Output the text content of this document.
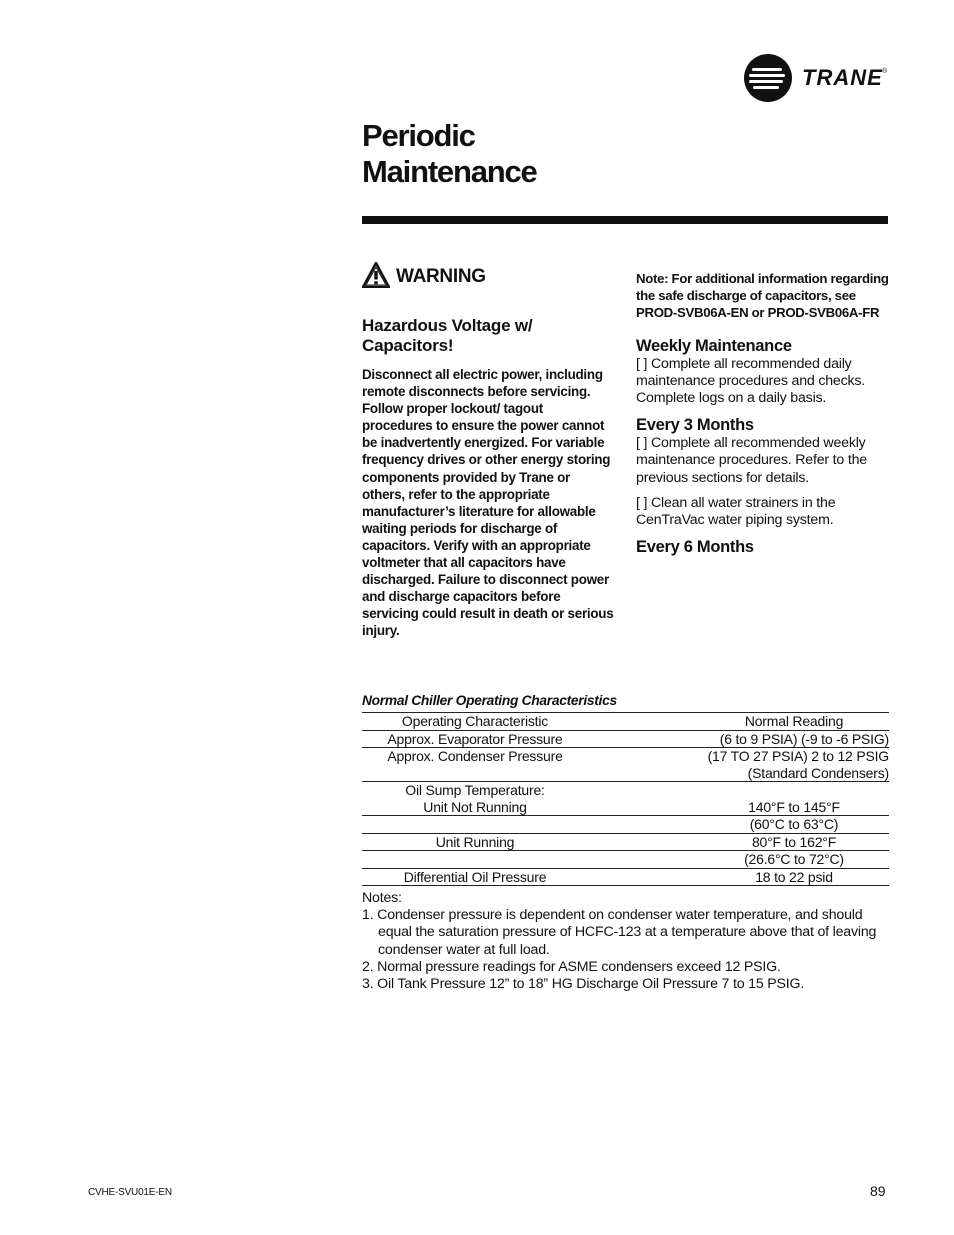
TRANE ®
Periodic
Maintenance
WARNING
Hazardous Voltage w/
Capacitors!
Disconnect all electric power, including remote disconnects before servicing. Follow proper lockout/ tagout procedures to ensure the power cannot be inadvertently energized. For variable frequency drives or other energy storing components provided by Trane or others, refer to the appropriate manufacturer’s literature for allowable waiting periods for discharge of capacitors. Verify with an appropriate voltmeter that all capacitors have discharged. Failure to disconnect power and discharge capacitors before servicing could result in death or serious injury.
Note: For additional information regarding the safe discharge of capacitors, see PROD-SVB06A-EN or PROD-SVB06A-FR
Weekly Maintenance
[ ] Complete all recommended daily maintenance procedures and checks. Complete logs on a daily basis.
Every 3 Months
[ ] Complete all recommended weekly maintenance procedures. Refer to the previous sections for details.
[ ] Clean all water strainers in the CenTraVac water piping system.
Every 6 Months
Normal Chiller Operating Characteristics
Operating Characteristic	Normal Reading
Approx. Evaporator Pressure	(6 to 9 PSIA) (-9 to -6 PSIG)
Approx. Condenser Pressure	(17 TO 27 PSIA) 2 to 12 PSIG
	(Standard Condensers)
Oil Sump Temperature:	
Unit Not Running	140°F to 145°F
	(60°C to 63°C)
Unit Running	80°F to 162°F
	(26.6°C to 72°C)
Differential Oil Pressure	18 to 22 psid
Notes:
1. Condenser pressure is dependent on condenser water temperature, and should equal the saturation pressure of HCFC-123 at a temperature above that of leaving condenser water at full load.
2. Normal pressure readings for ASME condensers exceed 12 PSIG.
3. Oil Tank Pressure 12” to 18” HG Discharge Oil Pressure 7 to 15 PSIG.
CVHE-SVU01E-EN	89
